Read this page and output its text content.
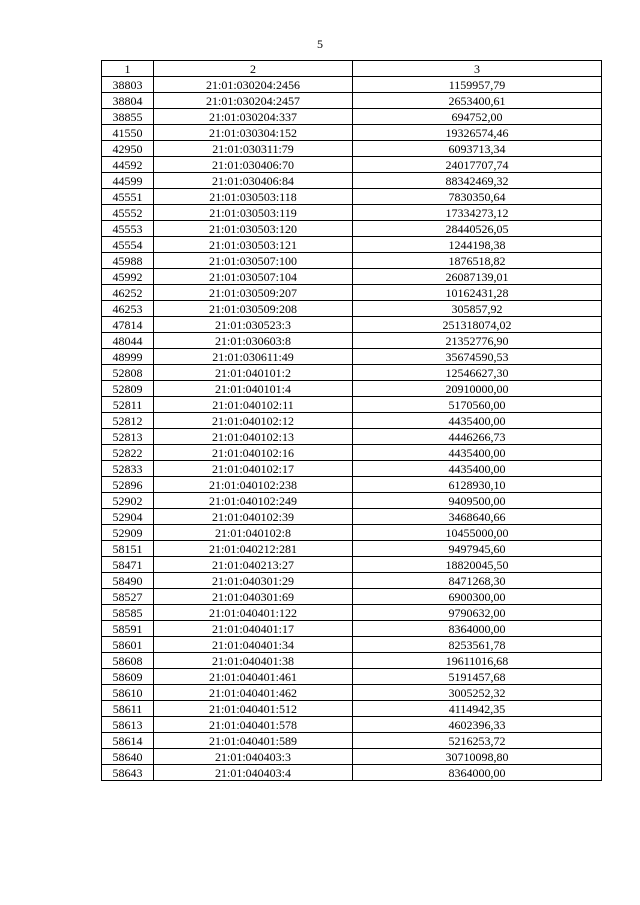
5
1	2	3
38803	21:01:030204:2456	1159957,79
38804	21:01:030204:2457	2653400,61
38855	21:01:030204:337	694752,00
41550	21:01:030304:152	19326574,46
42950	21:01:030311:79	6093713,34
44592	21:01:030406:70	24017707,74
44599	21:01:030406:84	88342469,32
45551	21:01:030503:118	7830350,64
45552	21:01:030503:119	17334273,12
45553	21:01:030503:120	28440526,05
45554	21:01:030503:121	1244198,38
45988	21:01:030507:100	1876518,82
45992	21:01:030507:104	26087139,01
46252	21:01:030509:207	10162431,28
46253	21:01:030509:208	305857,92
47814	21:01:030523:3	251318074,02
48044	21:01:030603:8	21352776,90
48999	21:01:030611:49	35674590,53
52808	21:01:040101:2	12546627,30
52809	21:01:040101:4	20910000,00
52811	21:01:040102:11	5170560,00
52812	21:01:040102:12	4435400,00
52813	21:01:040102:13	4446266,73
52822	21:01:040102:16	4435400,00
52833	21:01:040102:17	4435400,00
52896	21:01:040102:238	6128930,10
52902	21:01:040102:249	9409500,00
52904	21:01:040102:39	3468640,66
52909	21:01:040102:8	10455000,00
58151	21:01:040212:281	9497945,60
58471	21:01:040213:27	18820045,50
58490	21:01:040301:29	8471268,30
58527	21:01:040301:69	6900300,00
58585	21:01:040401:122	9790632,00
58591	21:01:040401:17	8364000,00
58601	21:01:040401:34	8253561,78
58608	21:01:040401:38	19611016,68
58609	21:01:040401:461	5191457,68
58610	21:01:040401:462	3005252,32
58611	21:01:040401:512	4114942,35
58613	21:01:040401:578	4602396,33
58614	21:01:040401:589	5216253,72
58640	21:01:040403:3	30710098,80
58643	21:01:040403:4	8364000,00
